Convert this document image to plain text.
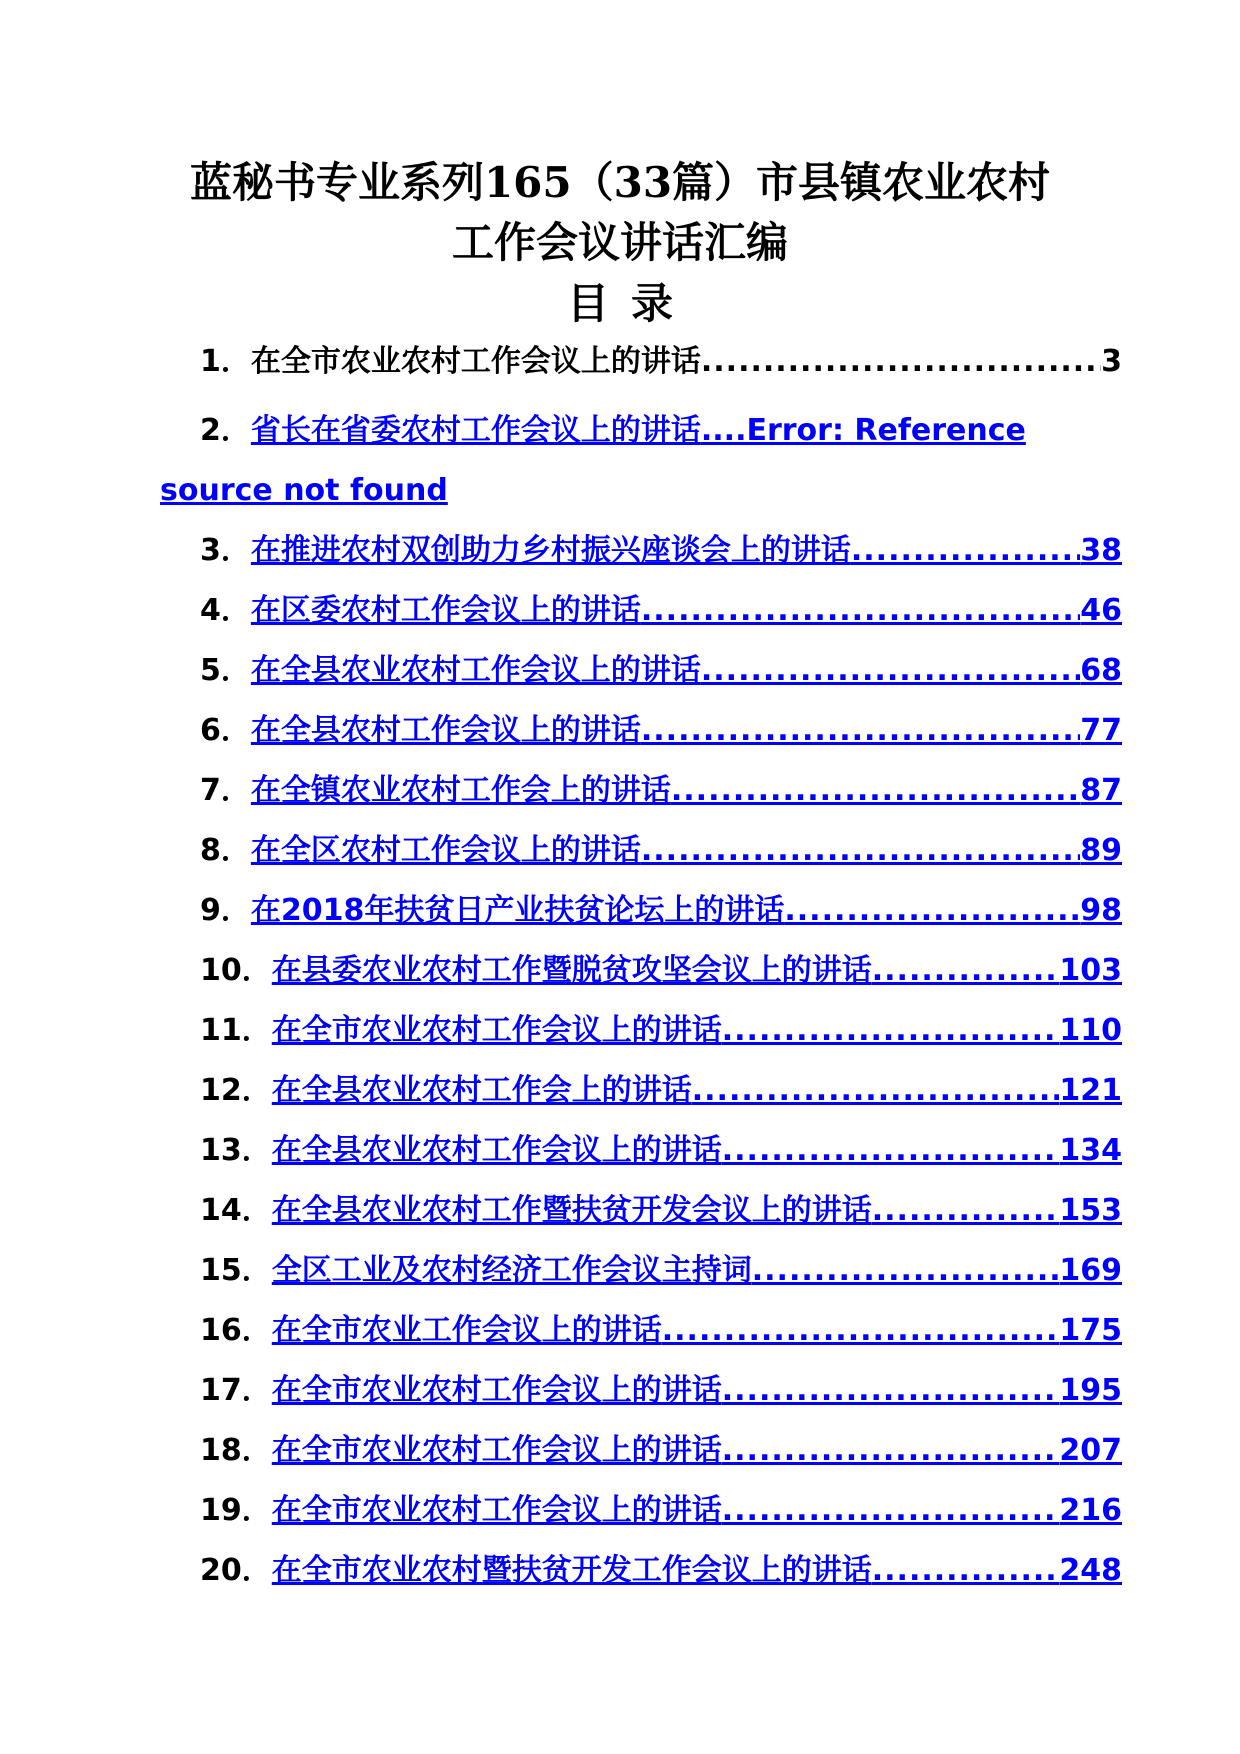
蓝秘书专业系列165（33篇）市县镇农业农村
工作会议讲话汇编
目录
1． 在全市农业农村工作会议上的讲话 .....	3
2． 省长在省委农村工作会议上的讲话 ....Error: Reference
source not found
3． 在推进农村双创助力乡村振兴座谈会上的讲话 .....	38
4． 在区委农村工作会议上的讲话 .....	46
5． 在全县农业农村工作会议上的讲话 .....	68
6． 在全县农村工作会议上的讲话 .....	77
7． 在全镇农业农村工作会上的讲话 .....	87
8． 在全区农村工作会议上的讲话 .....	89
9． 在2018年扶贫日产业扶贫论坛上的讲话 .....	98
10． 在县委农业农村工作暨脱贫攻坚会议上的讲话 .....	103
11． 在全市农业农村工作会议上的讲话 .....	110
12． 在全县农业农村工作会上的讲话 .....	121
13． 在全县农业农村工作会议上的讲话 .....	134
14． 在全县农业农村工作暨扶贫开发会议上的讲话 .....	153
15． 全区工业及农村经济工作会议主持词 .....	169
16． 在全市农业工作会议上的讲话 .....	175
17． 在全市农业农村工作会议上的讲话 .....	195
18． 在全市农业农村工作会议上的讲话 .....	207
19． 在全市农业农村工作会议上的讲话 .....	216
20． 在全市农业农村暨扶贫开发工作会议上的讲话 .....	248
